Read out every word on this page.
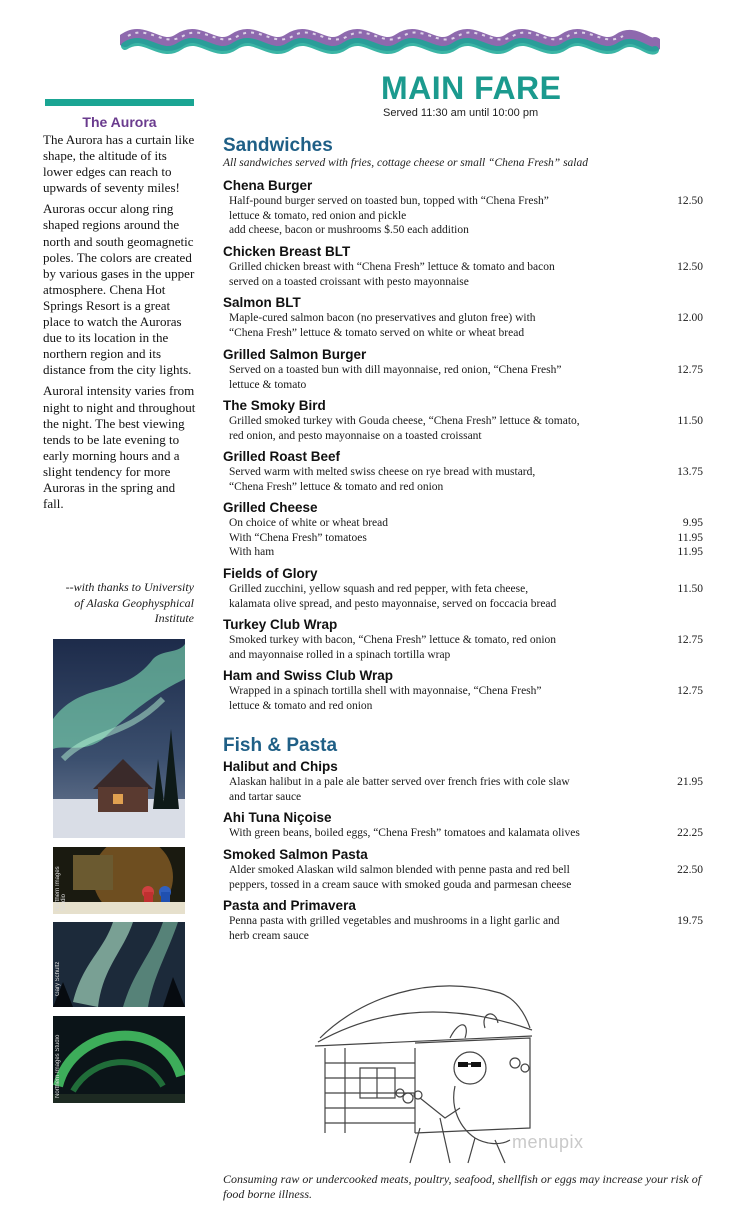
MAIN FARE
Served 11:30 am until 10:00 pm
The Aurora

The Aurora has a curtain like shape, the altitude of its lower edges can reach to upwards of seventy miles!

Auroras occur along ring shaped regions around the north and south geomagnetic poles. The colors are created by various gases in the upper atmosphere. Chena Hot Springs Resort is a great place to watch the Auroras due to its location in the northern region and its distance from the city lights.

Auroral intensity varies from night to night and throughout the night. The best viewing tends to be late evening to early morning hours and a slight tendency for more Auroras in the spring and fall.

--with thanks to University of Alaska Geophysphical Institute
Northern Images Studio
Gary Schultz
Northern Images Studio
Sandwiches
All sandwiches served with fries, cottage cheese or small “Chena Fresh” salad
Chena Burger
Half-pound burger served on toasted bun, topped with “Chena Fresh”
lettuce & tomato, red onion and pickle
add cheese, bacon or mushrooms $.50 each addition
12.50
Chicken Breast BLT
Grilled chicken breast with “Chena Fresh” lettuce & tomato and bacon
served on a toasted croissant with pesto mayonnaise
12.50
Salmon BLT
Maple-cured salmon bacon (no preservatives and gluton free) with
“Chena Fresh” lettuce & tomato served on white or wheat bread
12.00
Grilled Salmon Burger
Served on a toasted bun with dill mayonnaise, red onion, “Chena Fresh”
lettuce & tomato
12.75
The Smoky Bird
Grilled smoked turkey with Gouda cheese, “Chena Fresh” lettuce & tomato,
red onion, and pesto mayonnaise on a toasted croissant
11.50
Grilled Roast Beef
Served warm with melted swiss cheese on rye bread with mustard,
“Chena Fresh” lettuce & tomato and red onion
13.75
Grilled Cheese
On choice of white or wheat bread
With “Chena Fresh” tomatoes
With ham
9.95
11.95
11.95
Fields of Glory
Grilled zucchini, yellow squash and red pepper, with feta cheese,
kalamata olive spread, and pesto mayonnaise, served on foccacia bread
11.50
Turkey Club Wrap
Smoked turkey with bacon, “Chena Fresh” lettuce & tomato, red onion
and mayonnaise rolled in a spinach tortilla wrap
12.75
Ham and Swiss Club Wrap
Wrapped in a spinach tortilla shell with mayonnaise, “Chena Fresh”
lettuce & tomato and red onion
12.75
Fish & Pasta
Halibut and Chips
Alaskan halibut in a pale ale batter served over french fries with cole slaw
and tartar sauce
21.95
Ahi Tuna Niçoise
With green beans, boiled eggs, “Chena Fresh” tomatoes and kalamata olives	22.25
Smoked Salmon Pasta
Alder smoked Alaskan wild salmon blended with penne pasta and red bell
peppers, tossed in a cream sauce with smoked gouda and parmesan cheese
22.50
Pasta and Primavera
Penna pasta with grilled vegetables and mushrooms in a light garlic and
herb cream sauce
19.75
menupix
Consuming raw or undercooked meats, poultry, seafood, shellfish or eggs may increase your risk of food borne illness.
